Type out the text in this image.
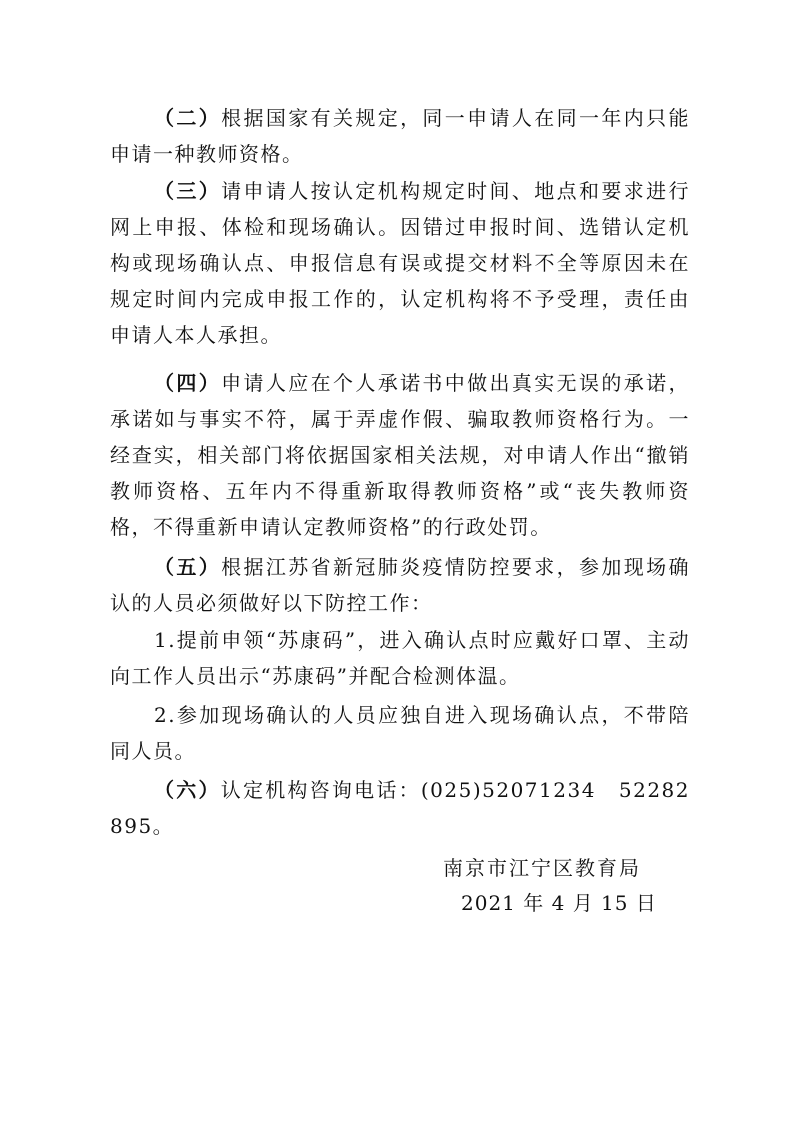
（二）根据国家有关规定，同一申请人在同一年内只能申请一种教师资格。

（三）请申请人按认定机构规定时间、地点和要求进行网上申报、体检和现场确认。因错过申报时间、选错认定机构或现场确认点、申报信息有误或提交材料不全等原因未在规定时间内完成申报工作的，认定机构将不予受理，责任由申请人本人承担。

（四）申请人应在个人承诺书中做出真实无误的承诺，承诺如与事实不符，属于弄虚作假、骗取教师资格行为。一经查实，相关部门将依据国家相关法规，对申请人作出“撤销教师资格、五年内不得重新取得教师资格”或“丧失教师资格，不得重新申请认定教师资格”的行政处罚。

（五）根据江苏省新冠肺炎疫情防控要求，参加现场确认的人员必须做好以下防控工作：

1.提前申领“苏康码”，进入确认点时应戴好口罩、主动向工作人员出示“苏康码”并配合检测体温。

2.参加现场确认的人员应独自进入现场确认点，不带陪同人员。

（六）认定机构咨询电话：(025)52071234　52282895。

南京市江宁区教育局
2021 年 4 月 15 日
